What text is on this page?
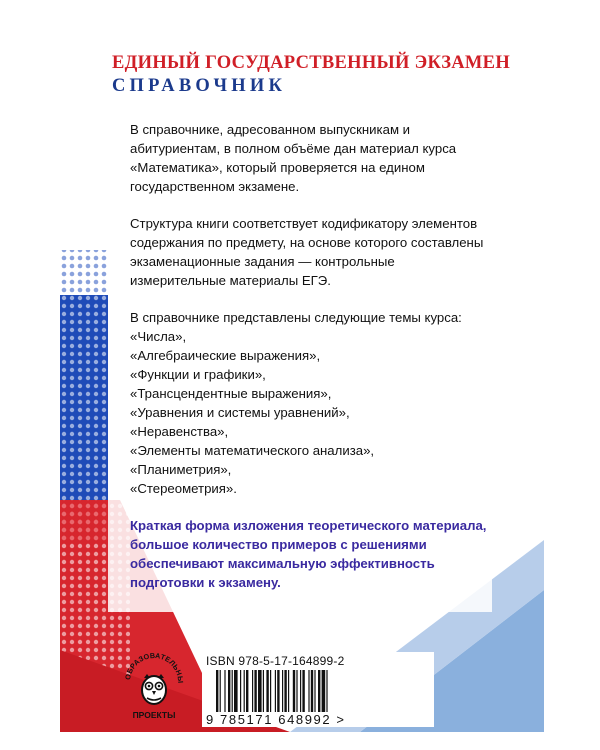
ЕДИНЫЙ ГОСУДАРСТВЕННЫЙ ЭКЗАМЕН
СПРАВОЧНИК

В справочнике, адресованном выпускникам и абитуриентам, в полном объёме дан материал курса «Математика», который проверяется на едином государственном экзамене.

Структура книги соответствует кодификатору элементов содержания по предмету, на основе которого составлены экзаменационные задания — контрольные измерительные материалы ЕГЭ.

В справочнике представлены следующие темы курса:

«Числа»,
«Алгебраические выражения»,
«Функции и графики»,
«Трансцендентные выражения»,
«Уравнения и системы уравнений»,
«Неравенства»,
«Элементы математического анализа»,
«Планиметрия»,
«Стереометрия».

Краткая форма изложения теоретического материала, большое количество примеров с решениями обеспечивают максимальную эффективность подготовки к экзамену.

ОБРАЗОВАТЕЛЬНЫ
ПРОЕКТЫ
ISBN 978-5-17-164899-2
9 785171 648992 >
